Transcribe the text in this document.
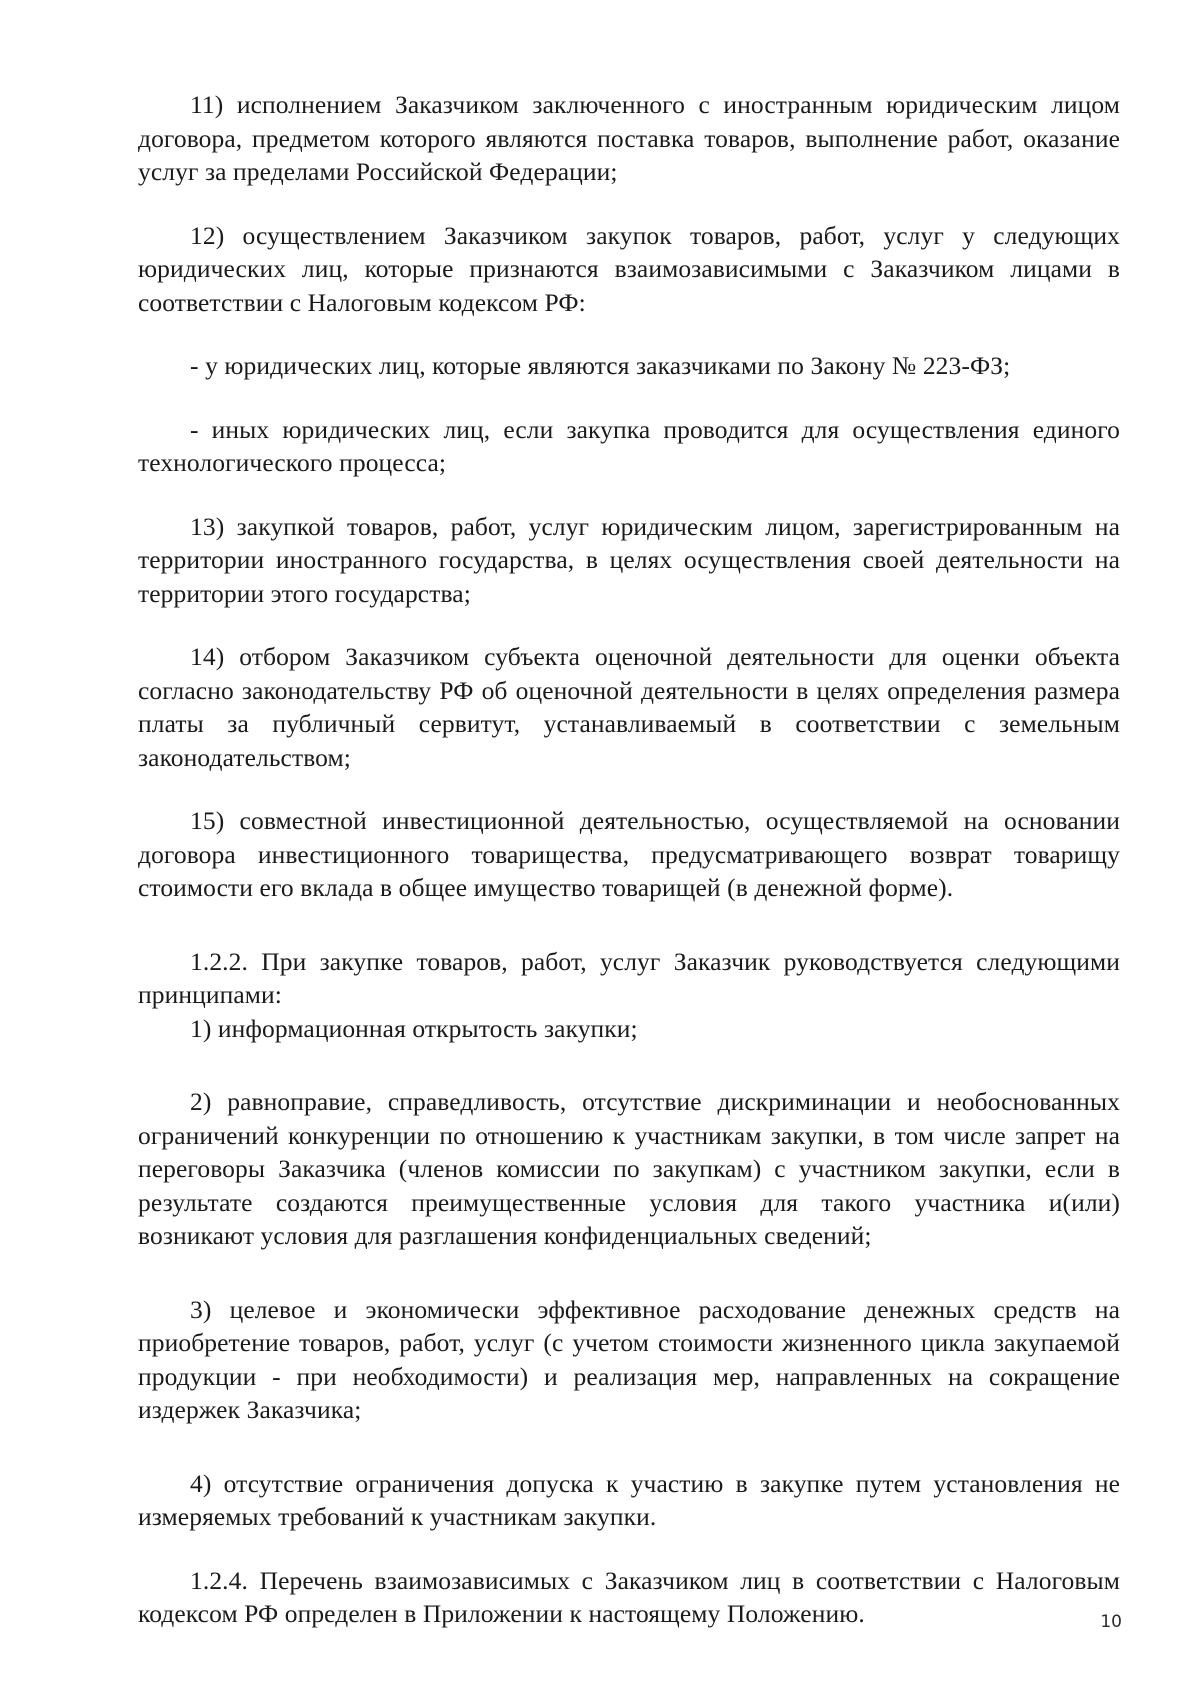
11) исполнением Заказчиком заключенного с иностранным юридическим лицом договора, предметом которого являются поставка товаров, выполнение работ, оказание услуг за пределами Российской Федерации;

12) осуществлением Заказчиком закупок товаров, работ, услуг у следующих юридических лиц, которые признаются взаимозависимыми с Заказчиком лицами в соответствии с Налоговым кодексом РФ:

- у юридических лиц, которые являются заказчиками по Закону № 223-ФЗ;

- иных юридических лиц, если закупка проводится для осуществления единого технологического процесса;

13) закупкой товаров, работ, услуг юридическим лицом, зарегистрированным на территории иностранного государства, в целях осуществления своей деятельности на территории этого государства;

14) отбором Заказчиком субъекта оценочной деятельности для оценки объекта согласно законодательству РФ об оценочной деятельности в целях определения размера платы за публичный сервитут, устанавливаемый в соответствии с земельным законодательством;

15) совместной инвестиционной деятельностью, осуществляемой на основании договора инвестиционного товарищества, предусматривающего возврат товарищу стоимости его вклада в общее имущество товарищей (в денежной форме).

1.2.2. При закупке товаров, работ, услуг Заказчик руководствуется следующими принципами:

1) информационная открытость закупки;

2) равноправие, справедливость, отсутствие дискриминации и необоснованных ограничений конкуренции по отношению к участникам закупки, в том числе запрет на переговоры Заказчика (членов комиссии по закупкам) с участником закупки, если в результате создаются преимущественные условия для такого участника и(или) возникают условия для разглашения конфиденциальных сведений;

3) целевое и экономически эффективное расходование денежных средств на приобретение товаров, работ, услуг (с учетом стоимости жизненного цикла закупаемой продукции - при необходимости) и реализация мер, направленных на сокращение издержек Заказчика;

4) отсутствие ограничения допуска к участию в закупке путем установления не измеряемых требований к участникам закупки.

1.2.4. Перечень взаимозависимых с Заказчиком лиц в соответствии с Налоговым кодексом РФ определен в Приложении к настоящему Положению.	10
